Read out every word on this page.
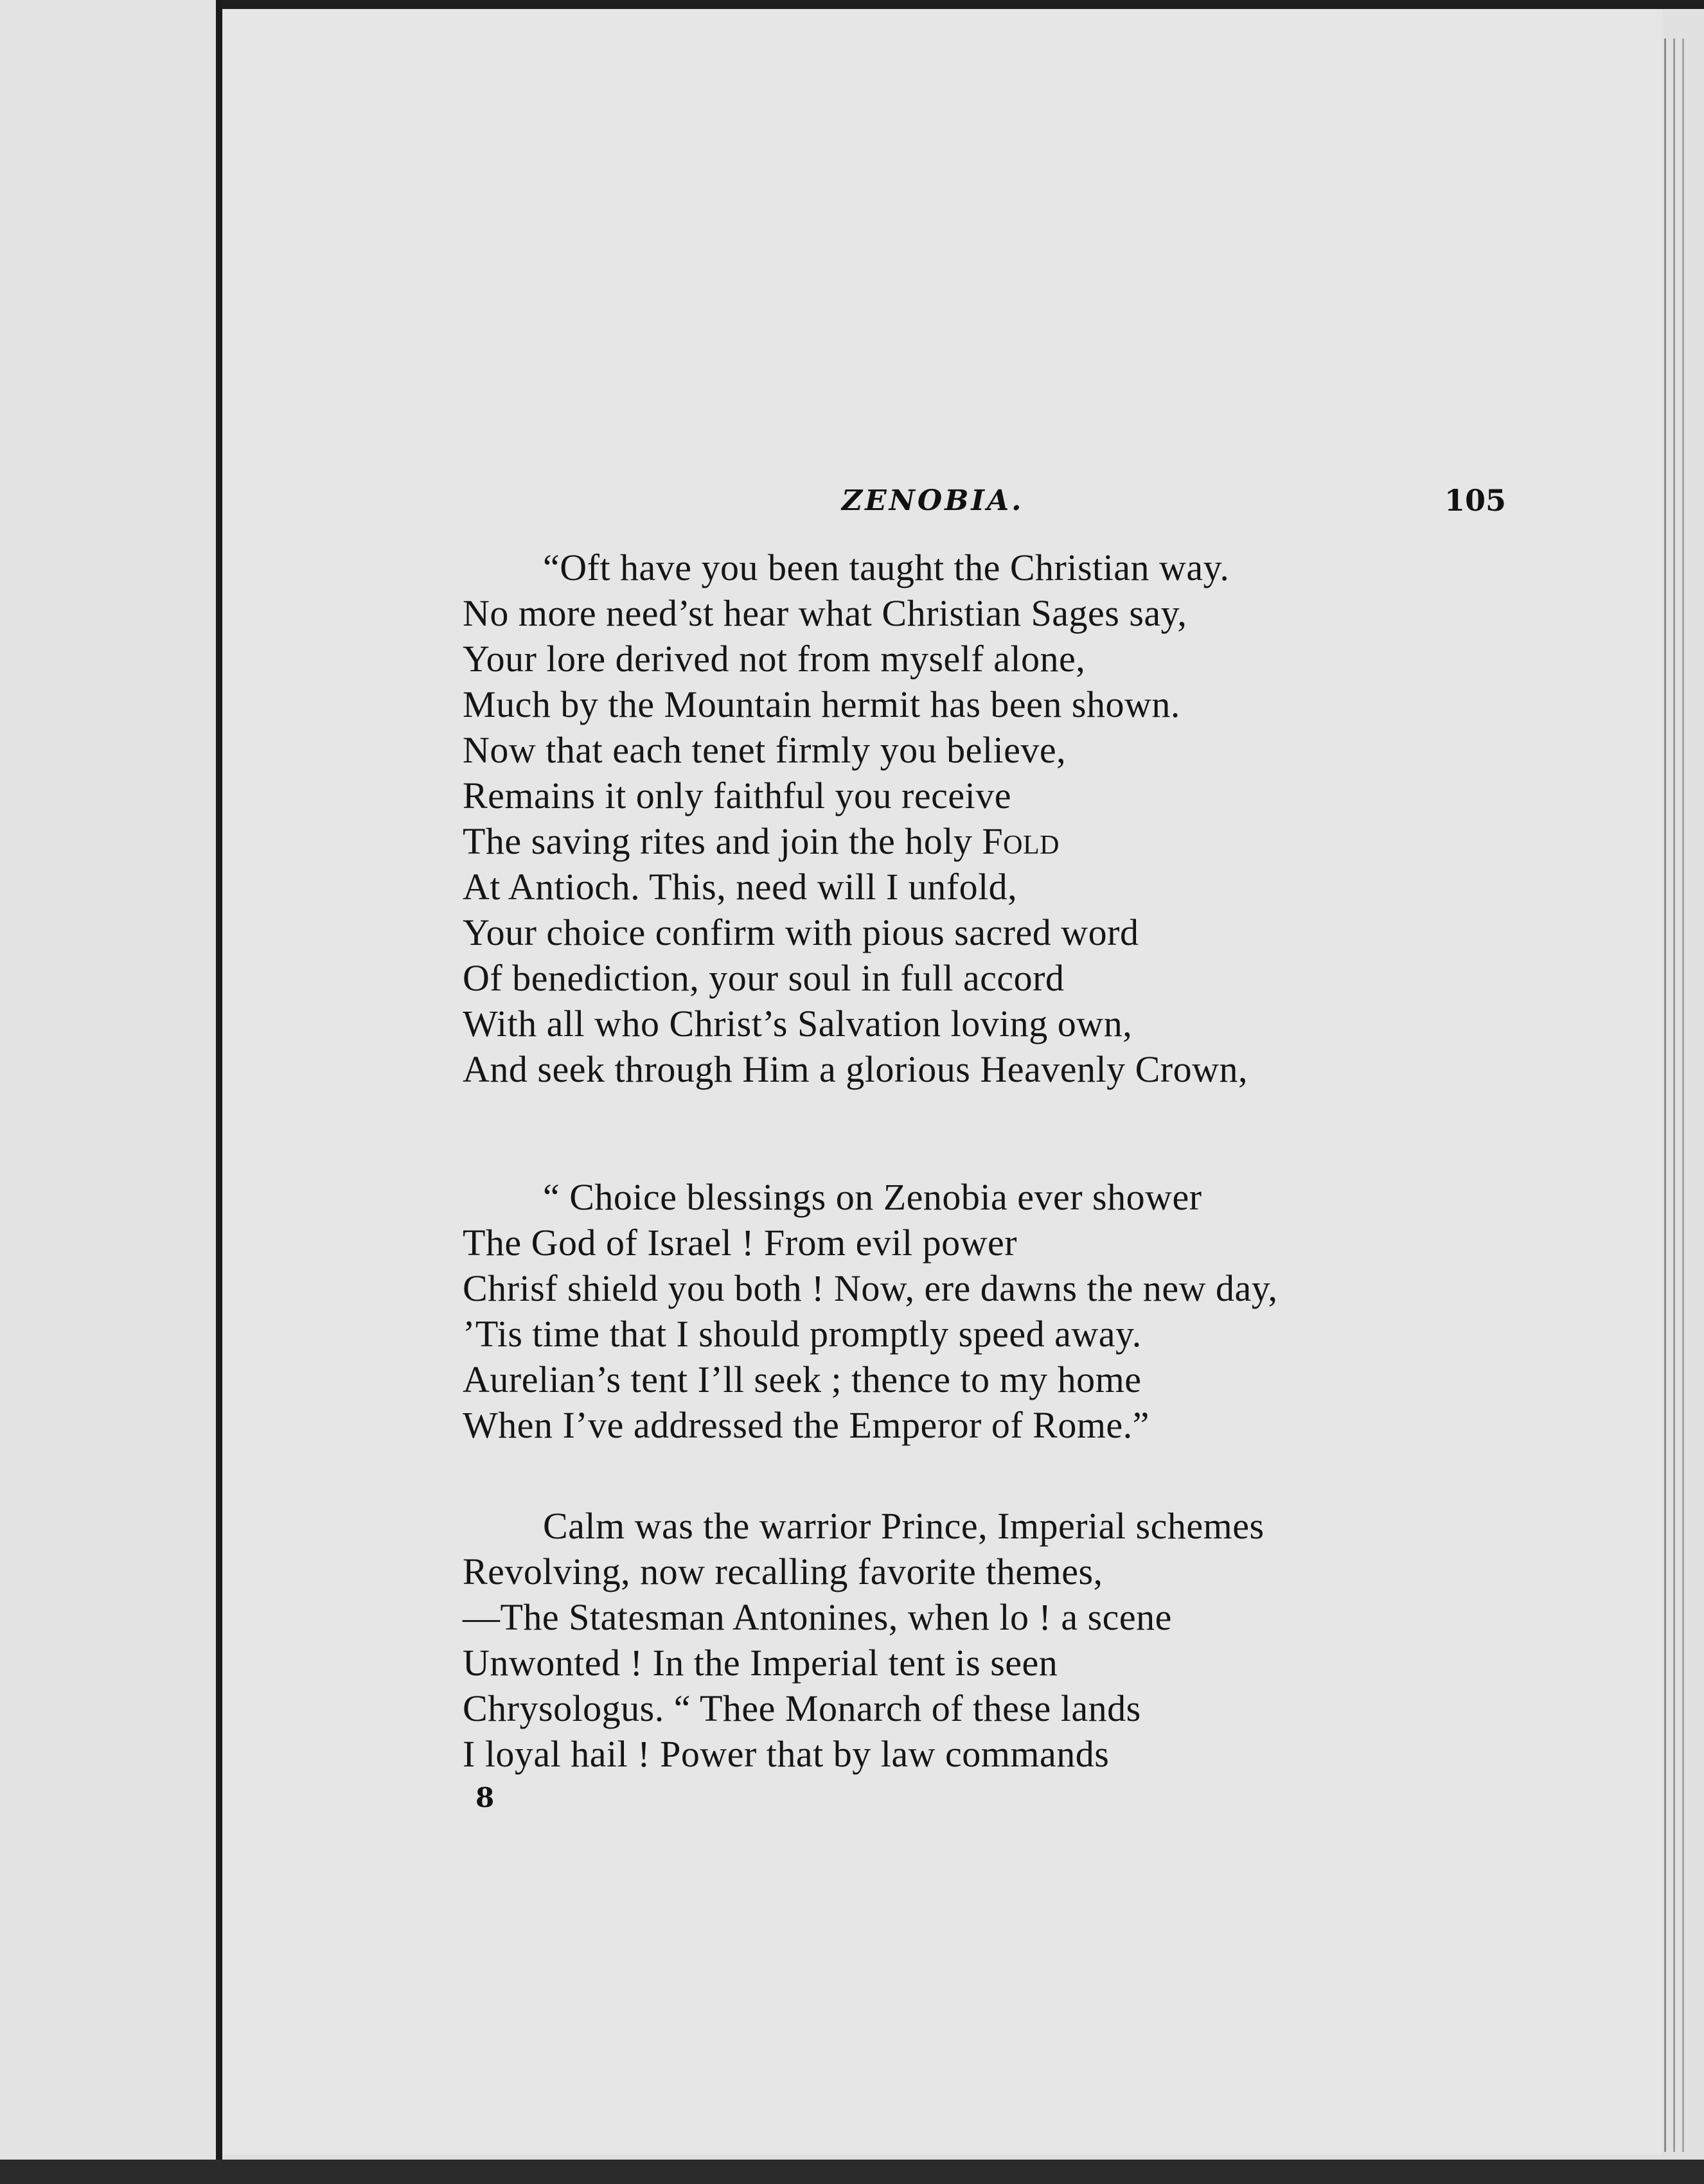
ZENOBIA.	105
“Oft have you been taught the Christian way.
No more need’st hear what Christian Sages say,
Your lore derived not from myself alone,
Much by the Mountain hermit has been shown.
Now that each tenet firmly you believe,
Remains it only faithful you receive
The saving rites and join the holy FOLD
At Antioch. This, need will I unfold,
Your choice confirm with pious sacred word
Of benediction, your soul in full accord
With all who Christ’s Salvation loving own,
And seek through Him a glorious Heavenly Crown,
“ Choice blessings on Zenobia ever shower
The God of Israel ! From evil power
Chrisf shield you both ! Now, ere dawns the new day,
’Tis time that I should promptly speed away.
Aurelian’s tent I’ll seek ; thence to my home
When I’ve addressed the Emperor of Rome.”
Calm was the warrior Prince, Imperial schemes
Revolving, now recalling favorite themes,
—The Statesman Antonines, when lo ! a scene
Unwonted ! In the Imperial tent is seen
Chrysologus. “ Thee Monarch of these lands
I loyal hail ! Power that by law commands
8
